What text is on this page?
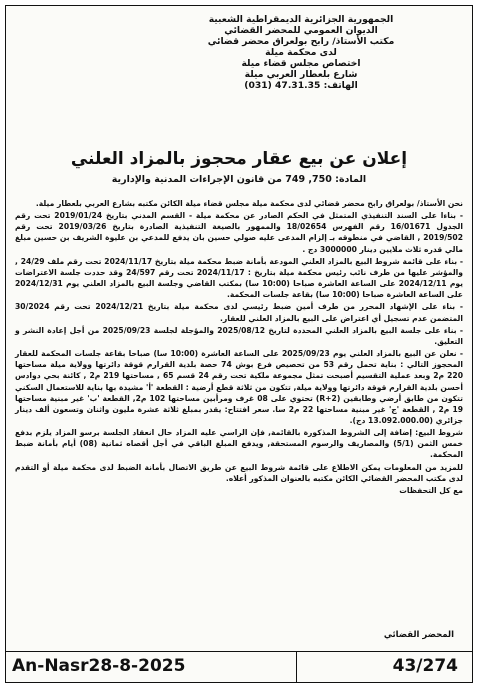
الجمهورية الجزائرية الديمقراطية الشعبية
الديوان العمومي للمحضر القضائي
مكتب الأستاذ/ رابح بولعراق محضر قضائي
لدى محكمة ميلة
اختصاص مجلس قضاء ميلة
شارع بلعطار العربي ميلة
الهاتف: 47.31.35 (031)
إعلان عن بيع عقار محجوز بالمزاد العلني
المادة: 750, 749 من قانون الإجراءات المدنية والإدارية

نحن الأستاذ/ بولعراق رابح محضر قضائي لدى محكمة ميلة مجلس قضاء ميلة الكائن مكتبه بشارع العربي بلعطار ميلة.

- بناءا على السند التنفيذي المتمثل في الحكم الصادر عن محكمة ميلة - القسم المدني بتاريخ 2019/01/24 تحت رقم الجدول 16/01671 رقم الفهرس 18/02654 والممهور بالصيغة التنفيذية الصادرة بتاريخ 2019/03/26 تحت رقم 2019/502 , القاضي في منطوقه بـ إلزام المدعى عليه صولي حسين بان يدفع للمدعي بن عليوة الشريف بن حسين مبلغ مالي قدره ثلاث ملايين دينار 3000000 دج .

- بناء على قائمة شروط البيع بالمزاد العلني المودعة بأمانة ضبط محكمة ميلة بتاريخ 2024/11/17 تحت رقم ملف 24/29 , والمؤشر عليها من طرف نائب رئيس محكمة ميلة بتاريخ : 2024/11/17 تحت رقم 24/597 وقد حددت جلسة الاعتراضات يوم 2024/12/11 على الساعة العاشرة صباحا (10:00 سا) بمكتب القاضي وجلسة البيع بالمزاد العلني يوم 2024/12/31 على الساعة العاشرة صباحا (10:00 سا) بقاعة جلسات المحكمة.

- بناء على الإشهاد المحرر من طرف أمين ضبط رئيسي لدى محكمة ميلة بتاريخ 2024/12/21 تحت رقم 30/2024 المتضمن عدم تسجيل أي اعتراض على البيع بالمزاد العلني للعقار.

- بناء على جلسة البيع بالمزاد العلني المحددة لتاريخ 2025/08/12 والمؤجلة لجلسة 2025/09/23 من أجل إعادة النشر و التعليق.

- نعلن عن البيع بالمزاد العلني يوم 2025/09/23 على الساعة العاشرة (10:00 سا) صباحا بقاعة جلسات المحكمة للعقار المحجوز التالي : بناية تحمل رقم 53 من تحصيص فرع بوش 74 حصة بلدية القرارم قوقة دائرتها وولاية ميلة مساحتها 220 م2 وبعد عملية التقسيم أصبحت تمثل مجموعة ملكية تحت رقم 24 قسم 65 , مساحتها 219 م2 , كائنة بحي دوادس أحسن بلدية القرارم قوقة دائرتها وولاية ميلة, تتكون من ثلاثة قطع أرضية : القطعة 'أ' مشيدة بها بناية للاستعمال السكني تتكون من طابق أرضي وطابقين (R+2) تحتوي على 08 غرف ومرأبين مساحتها 102 م2, القطعة 'ب' غير مبنية مساحتها 19 م2 , القطعة 'ج' غير مبنية مساحتها 22 م2 سا. سعر افتتاح: يقدر بمبلغ ثلاثة عشرة مليون واثنان وتسعون ألف دينار جزائري (13.092.000.00 دج).

شروط البيع: إضافة إلى الشروط المذكورة بالقائمة, فإن الراسي عليه المزاد حال انعقاد الجلسة برسو المزاد يلزم بدفع خمس الثمن (5/1) والمصاريف والرسوم المستحقة, ويدفع المبلغ الباقي في أجل أقصاه ثمانية (08) أيام بأمانة ضبط المحكمة.

للمزيد من المعلومات يمكن الاطلاع على قائمة شروط البيع عن طريق الاتصال بأمانة الضبط لدى محكمة ميلة أو التقدم لدى مكتب المحضر القضائي الكائن مكتبه بالعنوان المذكور أعلاه.

مع كل التحفظات

المحضر القضائي
An-Nasr28-8-2025	43/274
